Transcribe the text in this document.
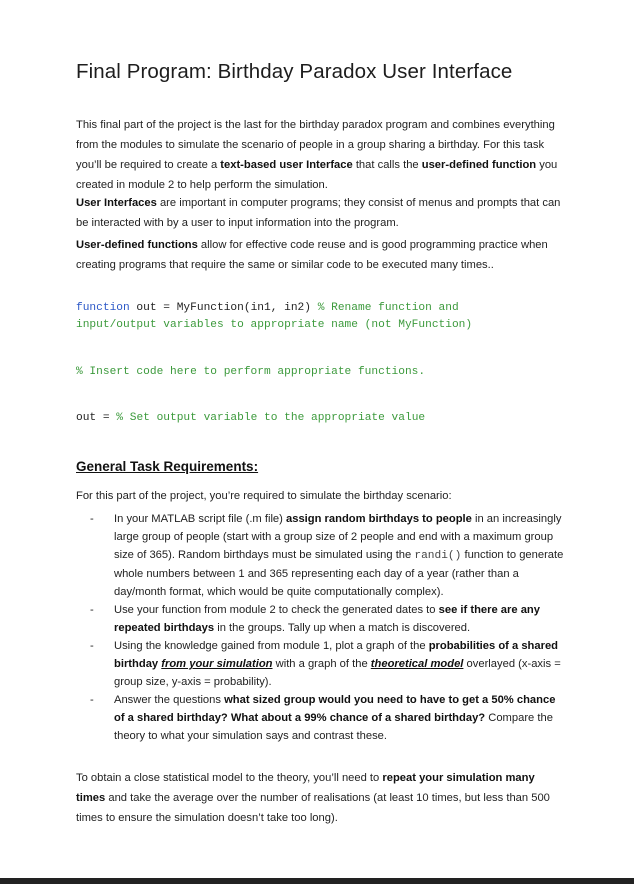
Final Program: Birthday Paradox User Interface

This final part of the project is the last for the birthday paradox program and combines everything from the modules to simulate the scenario of people in a group sharing a birthday. For this task you’ll be required to create a text-based user Interface that calls the user-defined function you created in module 2 to help perform the simulation.

User Interfaces are important in computer programs; they consist of menus and prompts that can be interacted with by a user to input information into the program.

User-defined functions allow for effective code reuse and is good programming practice when creating programs that require the same or similar code to be executed many times..

function out = MyFunction(in1, in2) % Rename function and
input/output variables to appropriate name (not MyFunction)
% Insert code here to perform appropriate functions.
out = % Set output variable to the appropriate value
General Task Requirements:

For this part of the project, you’re required to simulate the birthday scenario:

- In your MATLAB script file (.m file) assign random birthdays to people in an increasingly large group of people (start with a group size of 2 people and end with a maximum group size of 365). Random birthdays must be simulated using the randi() function to generate whole numbers between 1 and 365 representing each day of a year (rather than a day/month format, which would be quite computationally complex).
- Use your function from module 2 to check the generated dates to see if there are any repeated birthdays in the groups. Tally up when a match is discovered.
- Using the knowledge gained from module 1, plot a graph of the probabilities of a shared birthday from your simulation with a graph of the theoretical model overlayed (x-axis = group size, y-axis = probability).
- Answer the questions what sized group would you need to have to get a 50% chance of a shared birthday? What about a 99% chance of a shared birthday? Compare the theory to what your simulation says and contrast these.

To obtain a close statistical model to the theory, you’ll need to repeat your simulation many times and take the average over the number of realisations (at least 10 times, but less than 500 times to ensure the simulation doesn’t take too long).
